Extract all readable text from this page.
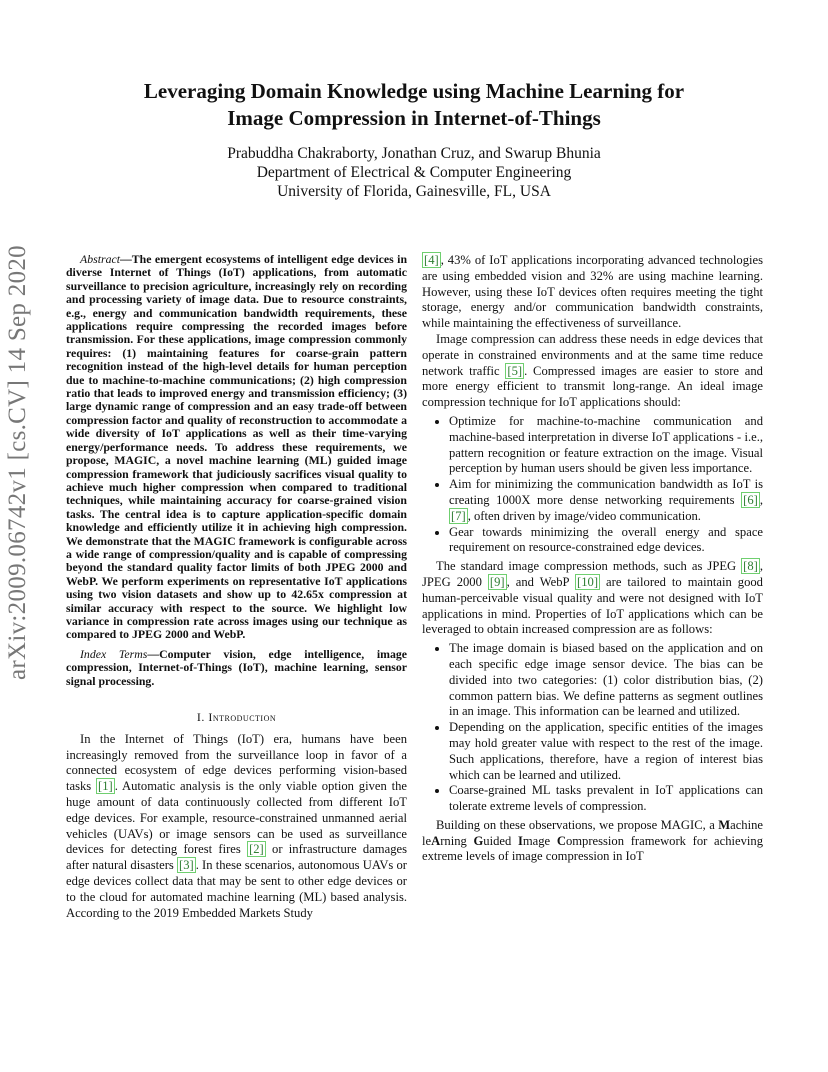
Leveraging Domain Knowledge using Machine Learning for
Image Compression in Internet-of-Things
Prabuddha Chakraborty, Jonathan Cruz, and Swarup Bhunia
Department of Electrical & Computer Engineering
University of Florida, Gainesville, FL, USA
arXiv:2009.06742v1 [cs.CV] 14 Sep 2020	Abstract—The emergent ecosystems of intelligent edge devices in diverse Internet of Things (IoT) applications, from automatic surveillance to precision agriculture, increasingly rely on recording and processing variety of image data. Due to resource constraints, e.g., energy and communication bandwidth requirements, these applications require compressing the recorded images before transmission. For these applications, image compression commonly requires: (1) maintaining features for coarse-grain pattern recognition instead of the high-level details for human perception due to machine-to-machine communications; (2) high compression ratio that leads to improved energy and transmission efficiency; (3) large dynamic range of compression and an easy trade-off between compression factor and quality of reconstruction to accommodate a wide diversity of IoT applications as well as their time-varying energy/performance needs. To address these requirements, we propose, MAGIC, a novel machine learning (ML) guided image compression framework that judiciously sacrifices visual quality to achieve much higher compression when compared to traditional techniques, while maintaining accuracy for coarse-grained vision tasks. The central idea is to capture application-specific domain knowledge and efficiently utilize it in achieving high compression. We demonstrate that the MAGIC framework is configurable across a wide range of compression/quality and is capable of compressing beyond the standard quality factor limits of both JPEG 2000 and WebP. We perform experiments on representative IoT applications using two vision datasets and show up to 42.65x compression at similar accuracy with respect to the source. We highlight low variance in compression rate across images using our technique as compared to JPEG 2000 and WebP.

Index Terms—Computer vision, edge intelligence, image compression, Internet-of-Things (IoT), machine learning, sensor signal processing.

I. Introduction

In the Internet of Things (IoT) era, humans have been increasingly removed from the surveillance loop in favor of a connected ecosystem of edge devices performing vision-based tasks [1] . Automatic analysis is the only viable option given the huge amount of data continuously collected from different IoT edge devices. For example, resource-constrained unmanned aerial vehicles (UAVs) or image sensors can be used as surveillance devices for detecting forest fires [2] or infrastructure damages after natural disasters [3] . In these scenarios, autonomous UAVs or edge devices collect data that may be sent to other edge devices or to the cloud for automated machine learning (ML) based analysis. According to the 2019 Embedded Markets Study

[4] , 43% of IoT applications incorporating advanced technologies are using embedded vision and 32% are using machine learning. However, using these IoT devices often requires meeting the tight storage, energy and/or communication bandwidth constraints, while maintaining the effectiveness of surveillance.

Image compression can address these needs in edge devices that operate in constrained environments and at the same time reduce network traffic [5] . Compressed images are easier to store and more energy efficient to transmit long-range. An ideal image compression technique for IoT applications should:

• Optimize for machine-to-machine communication and machine-based interpretation in diverse IoT applications - i.e., pattern recognition or feature extraction on the image. Visual perception by human users should be given less importance.
• Aim for minimizing the communication bandwidth as IoT is creating 1000X more dense networking requirements [6] , [7] , often driven by image/video communication.
• Gear towards minimizing the overall energy and space requirement on resource-constrained edge devices.

The standard image compression methods, such as JPEG [8] , JPEG 2000 [9] , and WebP [10] are tailored to maintain good human-perceivable visual quality and were not designed with IoT applications in mind. Properties of IoT applications which can be leveraged to obtain increased compression are as follows:

• The image domain is biased based on the application and on each specific edge image sensor device. The bias can be divided into two categories: (1) color distribution bias, (2) common pattern bias. We define patterns as segment outlines in an image. This information can be learned and utilized.
• Depending on the application, specific entities of the images may hold greater value with respect to the rest of the image. Such applications, therefore, have a region of interest bias which can be learned and utilized.
• Coarse-grained ML tasks prevalent in IoT applications can tolerate extreme levels of compression.

Building on these observations, we propose MAGIC, a Machine leArning Guided Image Compression framework for achieving extreme levels of image compression in IoT
